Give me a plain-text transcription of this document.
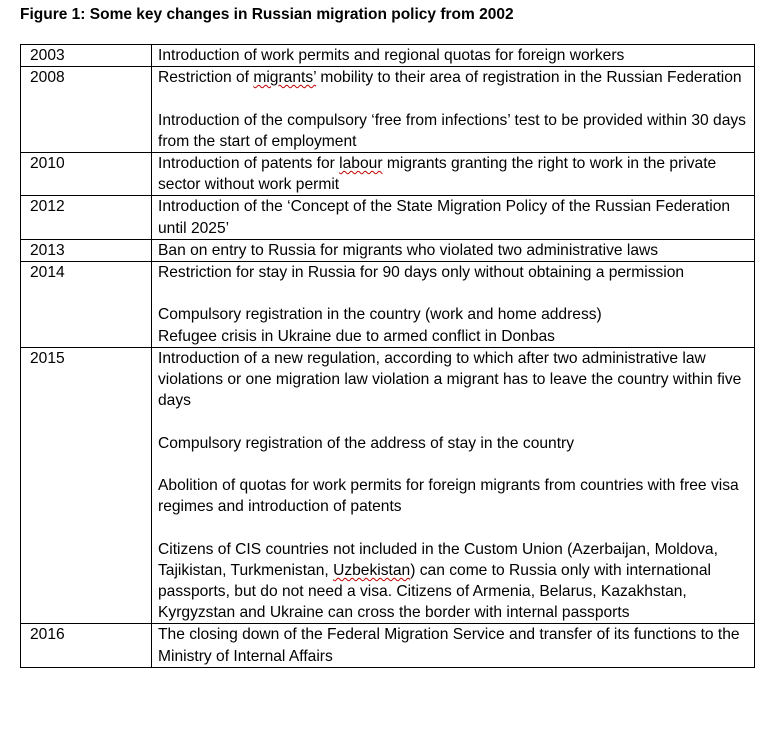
Figure 1: Some key changes in Russian migration policy from 2002
2003	Introduction of work permits and regional quotas for foreign workers

2008	Restriction of migrants’ mobility to their area of registration in the Russian Federation
Introduction of the compulsory ‘free from infections’ test to be provided within 30 days from the start of employment

2010	Introduction of patents for labour migrants granting the right to work in the private sector without work permit

2012	Introduction of the ‘Concept of the State Migration Policy of the Russian Federation until 2025’

2013	Ban on entry to Russia for migrants who violated two administrative laws

2014	Restriction for stay in Russia for 90 days only without obtaining a permission
Compulsory registration in the country (work and home address)
Refugee crisis in Ukraine due to armed conflict in Donbas

2015	Introduction of a new regulation, according to which after two administrative law violations or one migration law violation a migrant has to leave the country within five days
Compulsory registration of the address of stay in the country
Abolition of quotas for work permits for foreign migrants from countries with free visa regimes and introduction of patents
Citizens of CIS countries not included in the Custom Union (Azerbaijan, Moldova, Tajikistan, Turkmenistan, Uzbekistan) can come to Russia only with international passports, but do not need a visa. Citizens of Armenia, Belarus, Kazakhstan, Kyrgyzstan and Ukraine can cross the border with internal passports

2016	The closing down of the Federal Migration Service and transfer of its functions to the Ministry of Internal Affairs
